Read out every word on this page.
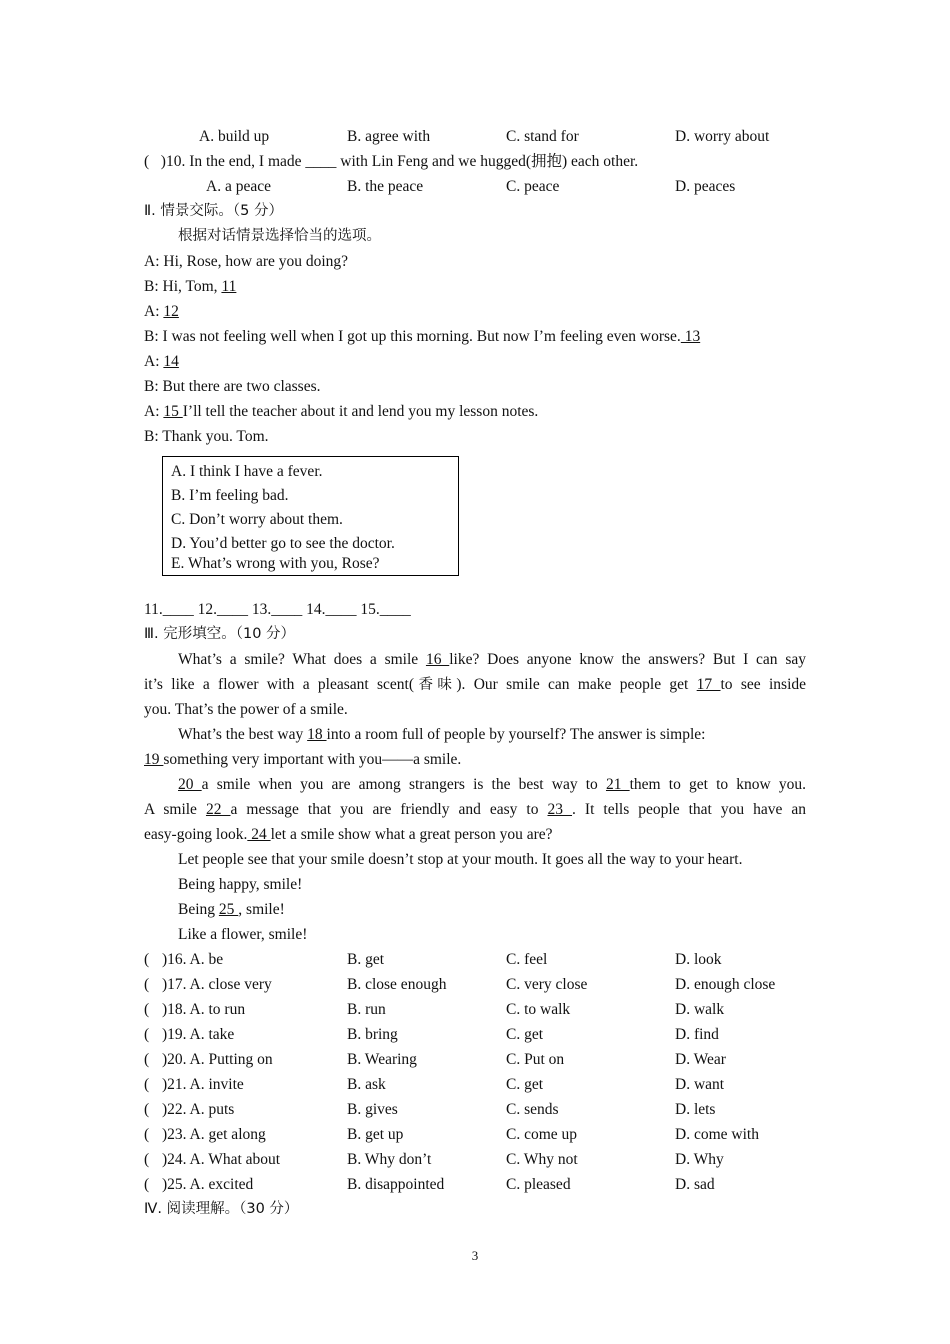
A. build up	B. agree with	C. stand for	D. worry about
( )10. In the end, I made ____ with Lin Feng and we hugged(拥抱) each other.
A. a peace	B. the peace	C. peace	D. peaces
Ⅱ. 情景交际。（5 分）
根据对话情景选择恰当的选项。
A: Hi, Rose, how are you doing?
B: Hi, Tom, 11
A: 12
B: I was not feeling well when I got up this morning. But now I’m feeling even worse. 13
A: 14
B: But there are two classes.
A: 15 I’ll tell the teacher about it and lend you my lesson notes.
B: Thank you. Tom.
A. I think I have a fever.
B. I’m feeling bad.
C. Don’t worry about them.
D. You’d better go to see the doctor.
E. What’s wrong with you, Rose?
11.____ 12.____ 13.____ 14.____ 15.____
Ⅲ. 完形填空。（10 分）
What’s a smile? What does a smile 16 like? Does anyone know the answers? But I can say
it’s like a flower with a pleasant scent(香味). Our smile can make people get 17 to see inside
you. That’s the power of a smile.
What’s the best way 18 into a room full of people by yourself? The answer is simple:
19 something very important with you——a smile.
20 a smile when you are among strangers is the best way to 21 them to get to know you.
A smile 22 a message that you are friendly and easy to 23 . It tells people that you have an
easy-going look. 24 let a smile show what a great person you are?
Let people see that your smile doesn’t stop at your mouth. It goes all the way to your heart.
Being happy, smile!
Being 25 , smile!
Like a flower, smile!
( )16. A. be	B. get	C. feel	D. look
( )17. A. close very	B. close enough	C. very close	D. enough close
( )18. A. to run	B. run	C. to walk	D. walk
( )19. A. take	B. bring	C. get	D. find
( )20. A. Putting on	B. Wearing	C. Put on	D. Wear
( )21. A. invite	B. ask	C. get	D. want
( )22. A. puts	B. gives	C. sends	D. lets
( )23. A. get along	B. get up	C. come up	D. come with
( )24. A. What about	B. Why don’t	C. Why not	D. Why
( )25. A. excited	B. disappointed	C. pleased	D. sad
Ⅳ. 阅读理解。（30 分）
3
